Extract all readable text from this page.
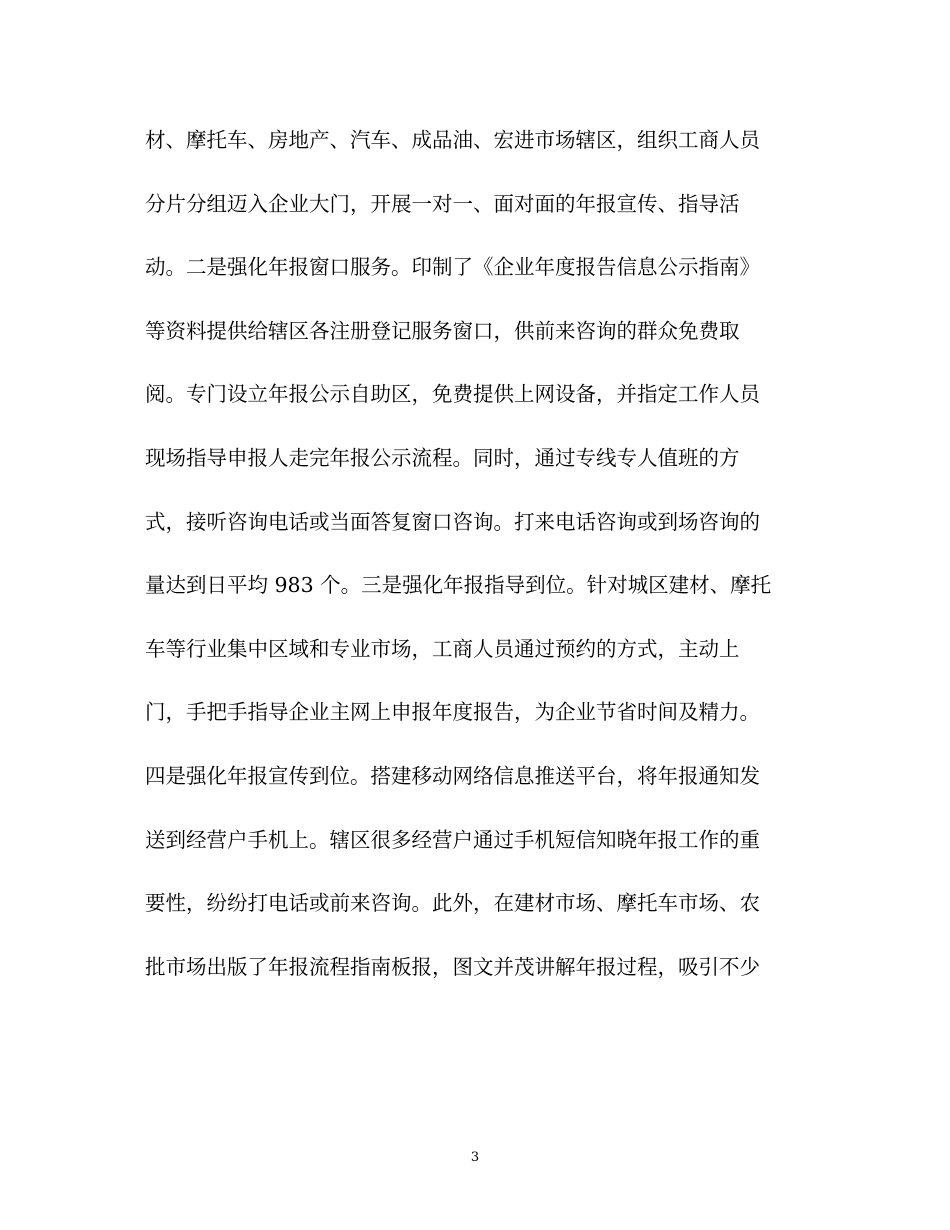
材、摩托车、房地产、汽车、成品油、宏进市场辖区，组织工商人员
分片分组迈入企业大门，开展一对一、面对面的年报宣传、指导活
动。二是强化年报窗口服务。印制了《企业年度报告信息公示指南》
等资料提供给辖区各注册登记服务窗口，供前来咨询的群众免费取
阅。专门设立年报公示自助区，免费提供上网设备，并指定工作人员
现场指导申报人走完年报公示流程。同时，通过专线专人值班的方
式，接听咨询电话或当面答复窗口咨询。打来电话咨询或到场咨询的
量达到日平均 983 个。三是强化年报指导到位。针对城区建材、摩托
车等行业集中区域和专业市场，工商人员通过预约的方式，主动上
门，手把手指导企业主网上申报年度报告，为企业节省时间及精力。
四是强化年报宣传到位。搭建移动网络信息推送平台，将年报通知发
送到经营户手机上。辖区很多经营户通过手机短信知晓年报工作的重
要性，纷纷打电话或前来咨询。此外，在建材市场、摩托车市场、农
批市场出版了年报流程指南板报，图文并茂讲解年报过程，吸引不少
3
